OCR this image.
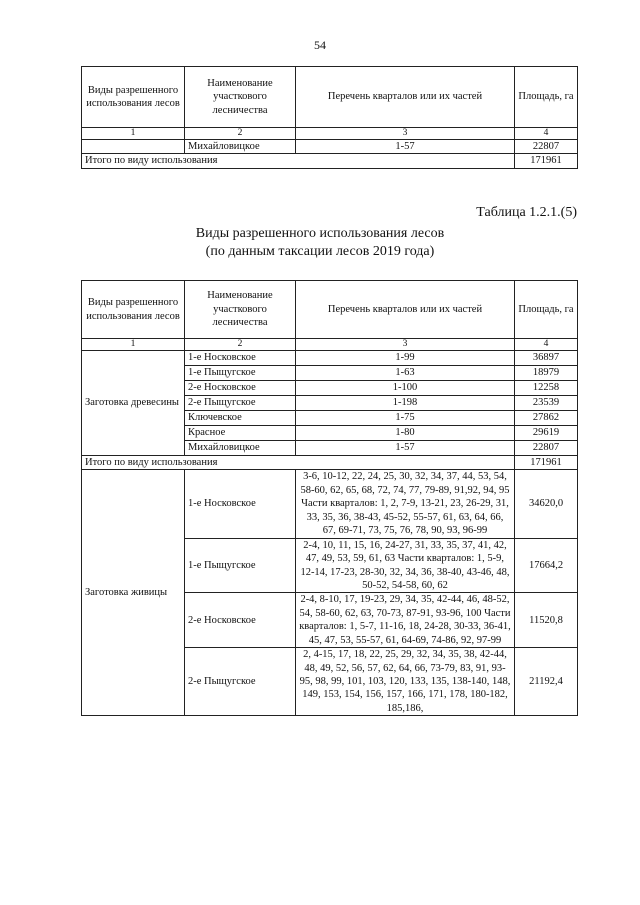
54
Виды разрешенного использования лесов	Наименование участкового лесничества	Перечень кварталов или их частей	Площадь, га
1	2	3	4
	Михайловицкое	1-57	22807
Итого по виду использования			171961
Таблица 1.2.1.(5)
Виды разрешенного использования лесов
(по данным таксации лесов 2019 года)
Виды разрешенного использования лесов	Наименование участкового лесничества	Перечень кварталов или их частей	Площадь, га
1	2	3	4
Заготовка древесины	1-е Носковское	1-99	36897
	1-е Пыщугское	1-63	18979
	2-е Носковское	1-100	12258
	2-е Пыщугское	1-198	23539
	Ключевское	1-75	27862
	Красное	1-80	29619
	Михайловицкое	1-57	22807
Итого по виду использования			171961
Заготовка живицы	1-е Носковское	3-6, 10-12, 22, 24, 25, 30, 32, 34, 37, 44, 53, 54, 58-60, 62, 65, 68, 72, 74, 77, 79-89, 91,92, 94, 95 Части кварталов: 1, 2, 7-9, 13-21, 23, 26-29, 31, 33, 35, 36, 38-43, 45-52, 55-57, 61, 63, 64, 66, 67, 69-71, 73, 75, 76, 78, 90, 93, 96-99	34620,0
	1-е Пыщугское	2-4, 10, 11, 15, 16, 24-27, 31, 33, 35, 37, 41, 42, 47, 49, 53, 59, 61, 63 Части кварталов: 1, 5-9, 12-14, 17-23, 28-30, 32, 34, 36, 38-40, 43-46, 48, 50-52, 54-58, 60, 62	17664,2
	2-е Носковское	2-4, 8-10, 17, 19-23, 29, 34, 35, 42-44, 46, 48-52, 54, 58-60, 62, 63, 70-73, 87-91, 93-96, 100 Части кварталов: 1, 5-7, 11-16, 18, 24-28, 30-33, 36-41, 45, 47, 53, 55-57, 61, 64-69, 74-86, 92, 97-99	11520,8
	2-е Пыщугское	2, 4-15, 17, 18, 22, 25, 29, 32, 34, 35, 38, 42-44, 48, 49, 52, 56, 57, 62, 64, 66, 73-79, 83, 91, 93-95, 98, 99, 101, 103, 120, 133, 135, 138-140, 148, 149, 153, 154, 156, 157, 166, 171, 178, 180-182, 185,186,	21192,4
